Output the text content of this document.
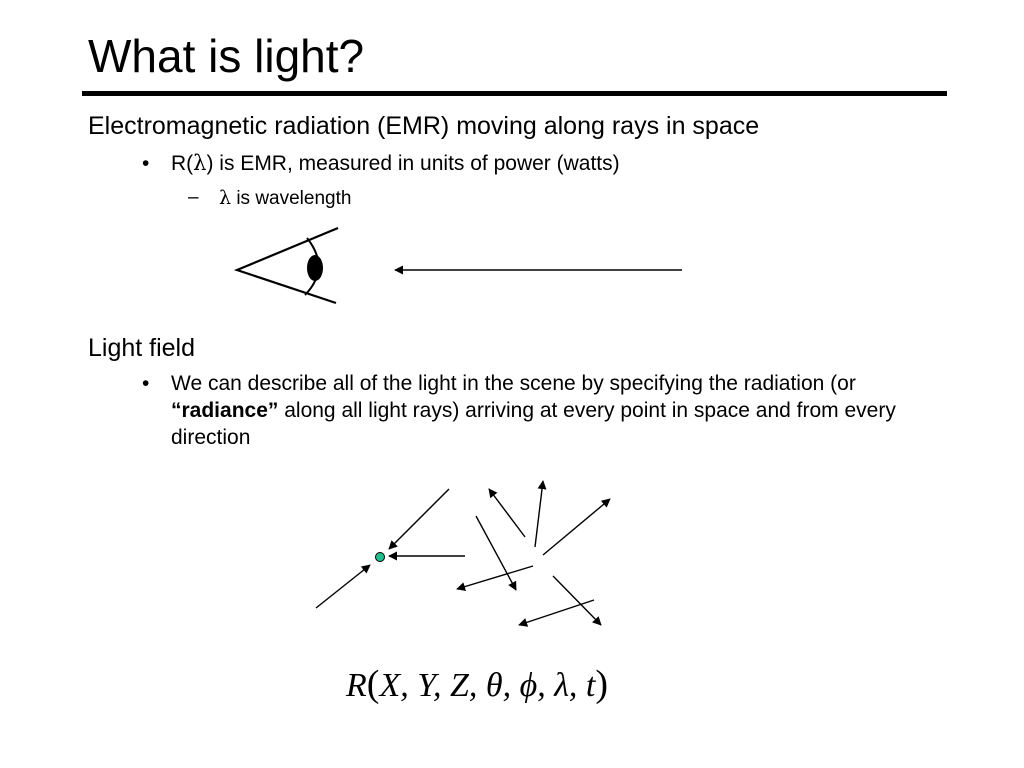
What is light?
Electromagnetic radiation (EMR) moving along rays in space
• R(λ) is EMR, measured in units of power (watts)
– λ is wavelength
Light field
• We can describe all of the light in the scene by specifying the radiation (or “radiance” along all light rays) arriving at every point in space and from every direction
R(X, Y, Z, θ, ϕ, λ, t)
